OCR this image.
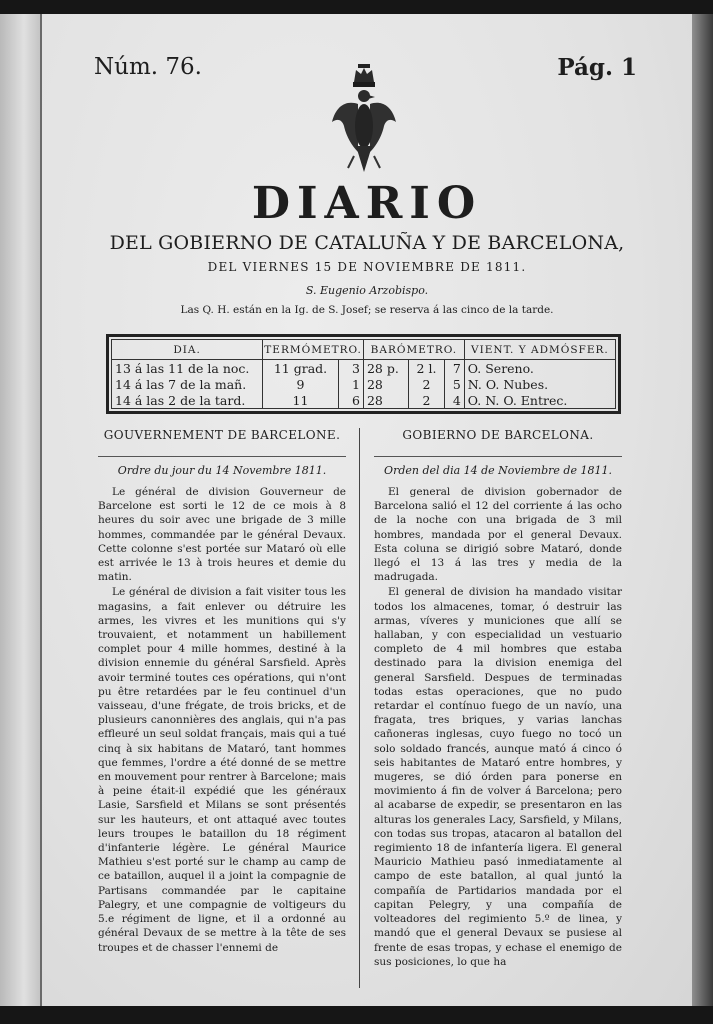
Núm. 76.	Pág. 1
DIARIO
DEL GOBIERNO DE CATALUÑA Y DE BARCELONA,
DEL VIERNES 15 DE NOVIEMBRE DE 1811.
S. Eugenio Arzobispo.
Las Q. H. están en la Ig. de S. Josef; se reserva á las cinco de la tarde.
DIA.	TERMÓMETRO.		BARÓMETRO.			VIENT. Y ADMÓSFER.
13 á las 11 de la noc.	11 grad.	3	28 p.	2 l.	7	O. Sereno.
14 á las 7 de la mañ.	9	1	28	2	5	N. O. Nubes.
14 á las 2 de la tard.	11	6	28	2	4	O. N. O. Entrec.
GOUVERNEMENT DE BARCELONE.
Ordre du jour du 14 Novembre 1811.

Le général de division Gouverneur de Barcelone est sorti le 12 de ce mois à 8 heures du soir avec une brigade de 3 mille hommes, commandée par le général Devaux. Cette colonne s'est portée sur Mataró où elle est arrivée le 13 à trois heures et demie du matin.

Le général de division a fait visiter tous les magasins, a fait enlever ou détruire les armes, les vivres et les munitions qui s'y trouvaient, et notamment un habillement complet pour 4 mille hommes, destiné à la division ennemie du général Sarsfield. Après avoir terminé toutes ces opérations, qui n'ont pu être retardées par le feu continuel d'un vaisseau, d'une frégate, de trois bricks, et de plusieurs canonnières des anglais, qui n'a pas effleuré un seul soldat français, mais qui a tué cinq à six habitans de Mataró, tant hommes que femmes, l'ordre a été donné de se mettre en mouvement pour rentrer à Barcelone; mais à peine était-il expédié que les généraux Lasie, Sarsfield et Milans se sont présentés sur les hauteurs, et ont attaqué avec toutes leurs troupes le bataillon du 18 régiment d'infanterie légère. Le général Maurice Mathieu s'est porté sur le champ au camp de ce bataillon, auquel il a joint la compagnie de Partisans commandée par le capitaine Palegry, et une compagnie de voltigeurs du 5.e régiment de ligne, et il a ordonné au général Devaux de se mettre à la tête de ses troupes et de chasser l'ennemi de

GOBIERNO DE BARCELONA.
Orden del dia 14 de Noviembre de 1811.

El general de division gobernador de Barcelona salió el 12 del corriente á las ocho de la noche con una brigada de 3 mil hombres, mandada por el general Devaux. Esta coluna se dirigió sobre Mataró, donde llegó el 13 á las tres y media de la madrugada.

El general de division ha mandado visitar todos los almacenes, tomar, ó destruir las armas, víveres y municiones que allí se hallaban, y con especialidad un vestuario completo de 4 mil hombres que estaba destinado para la division enemiga del general Sarsfield. Despues de terminadas todas estas operaciones, que no pudo retardar el contínuo fuego de un navío, una fragata, tres briques, y varias lanchas cañoneras inglesas, cuyo fuego no tocó un solo soldado francés, aunque mató á cinco ó seis habitantes de Mataró entre hombres, y mugeres, se dió órden para ponerse en movimiento á fin de volver á Barcelona; pero al acabarse de expedir, se presentaron en las alturas los generales Lacy, Sarsfield, y Milans, con todas sus tropas, atacaron al batallon del regimiento 18 de infantería ligera. El general Mauricio Mathieu pasó inmediatamente al campo de este batallon, al qual juntó la compañía de Partidarios mandada por el capitan Pelegry, y una compañía de volteadores del regimiento 5.º de linea, y mandó que el general Devaux se pusiese al frente de esas tropas, y echase el enemigo de sus posiciones, lo que ha
